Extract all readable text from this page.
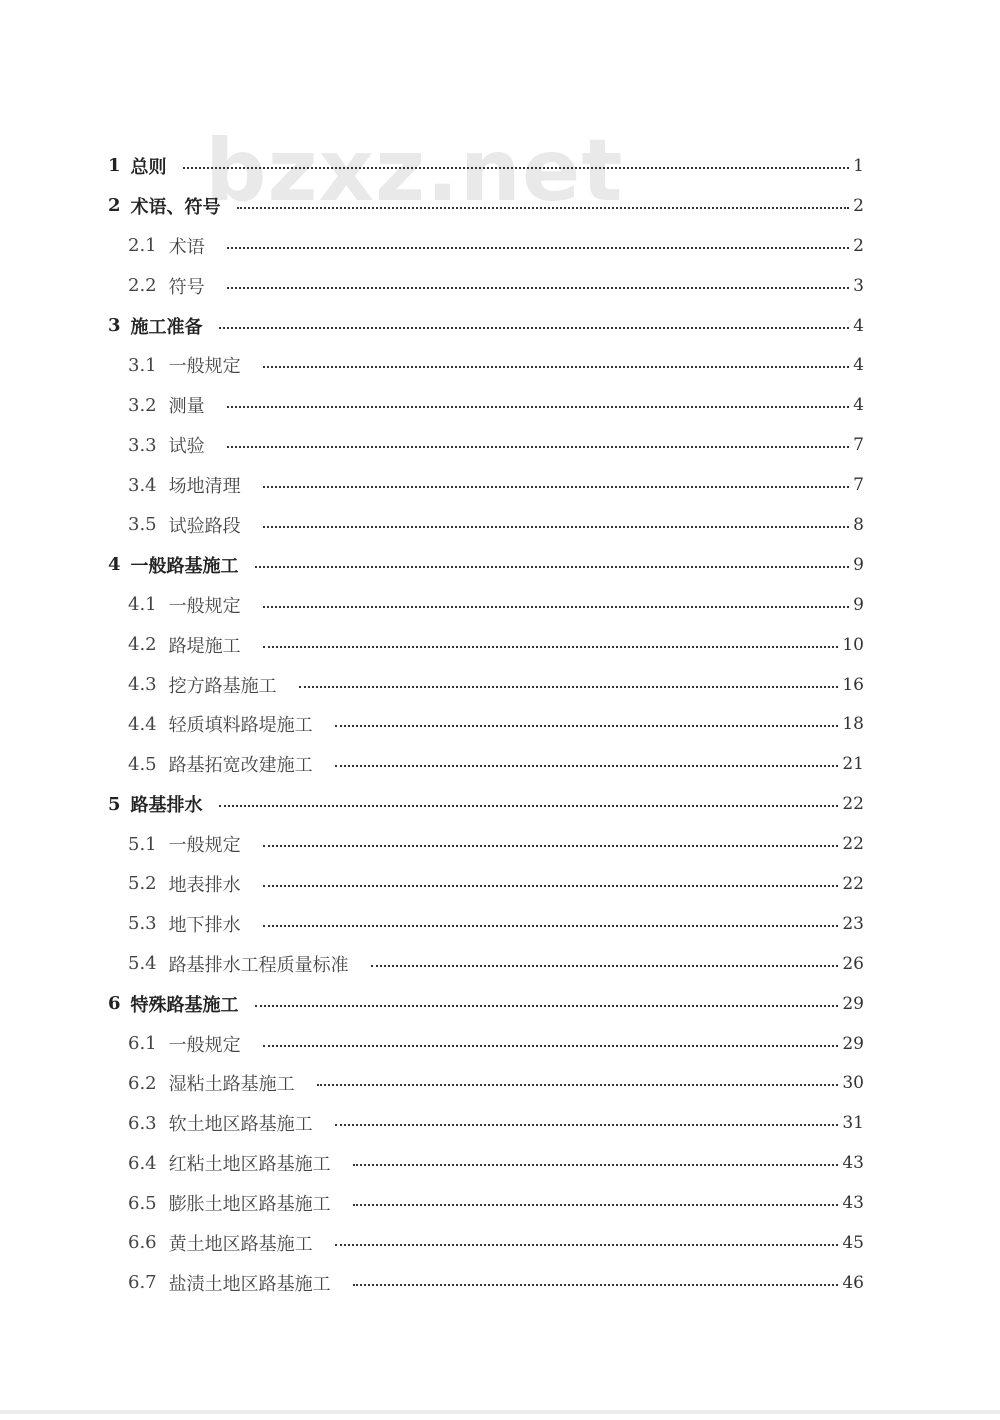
bzxz.net
1 总则	1
2 术语、符号	2
2.1 术语	2
2.2 符号	3
3 施工准备	4
3.1 一般规定	4
3.2 测量	4
3.3 试验	7
3.4 场地清理	7
3.5 试验路段	8
4 一般路基施工	9
4.1 一般规定	9
4.2 路堤施工	10
4.3 挖方路基施工	16
4.4 轻质填料路堤施工	18
4.5 路基拓宽改建施工	21
5 路基排水	22
5.1 一般规定	22
5.2 地表排水	22
5.3 地下排水	23
5.4 路基排水工程质量标准	26
6 特殊路基施工	29
6.1 一般规定	29
6.2 湿粘土路基施工	30
6.3 软土地区路基施工	31
6.4 红粘土地区路基施工	43
6.5 膨胀土地区路基施工	43
6.6 黄土地区路基施工	45
6.7 盐渍土地区路基施工	46
